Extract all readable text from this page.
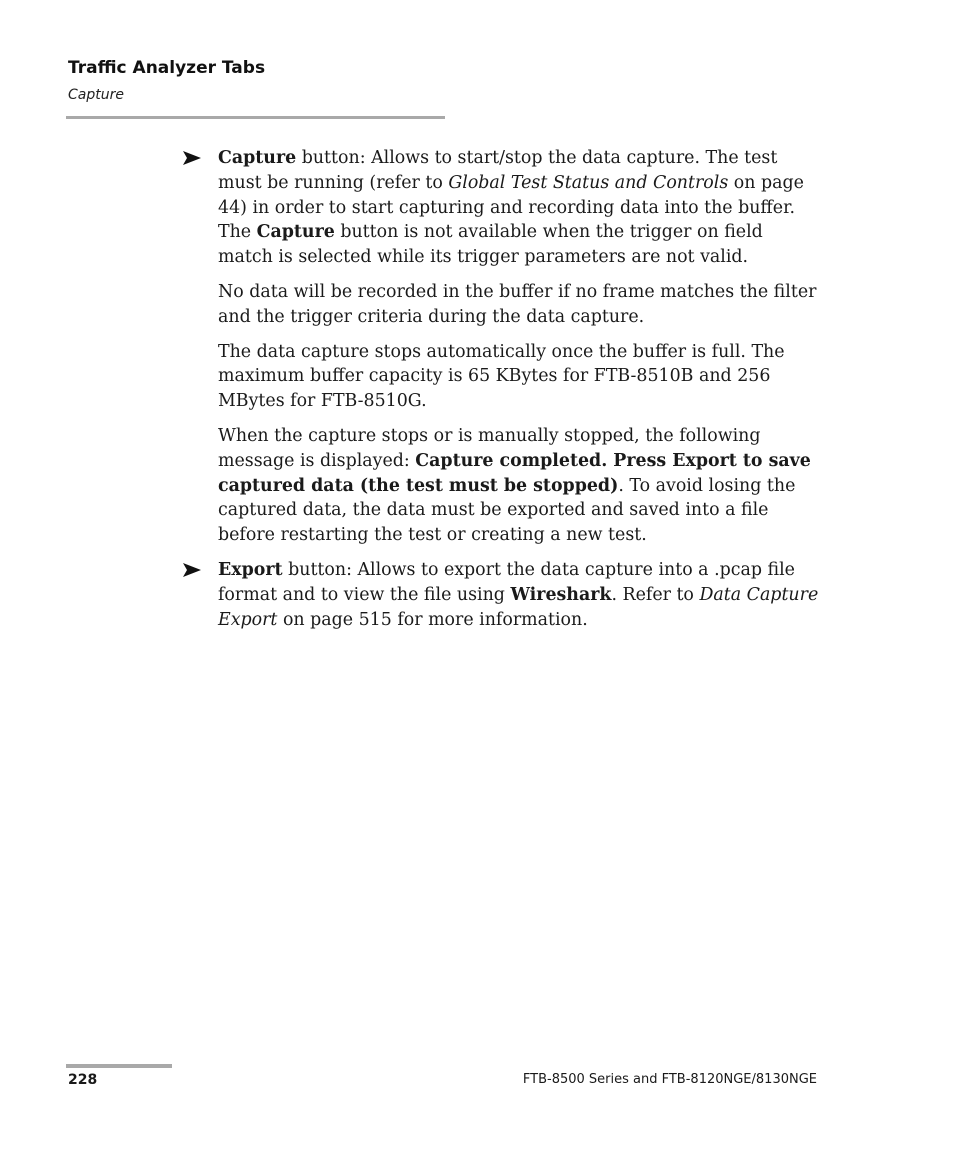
Traffic Analyzer Tabs
Capture

Capture button: Allows to start/stop the data capture. The test must be running (refer to Global Test Status and Controls on page 44) in order to start capturing and recording data into the buffer. The Capture button is not available when the trigger on field match is selected while its trigger parameters are not valid.

No data will be recorded in the buffer if no frame matches the filter and the trigger criteria during the data capture.

The data capture stops automatically once the buffer is full. The maximum buffer capacity is 65 KBytes for FTB-8510B and 256 MBytes for FTB-8510G.

When the capture stops or is manually stopped, the following message is displayed: Capture completed. Press Export to save captured data (the test must be stopped). To avoid losing the captured data, the data must be exported and saved into a file before restarting the test or creating a new test.

Export button: Allows to export the data capture into a .pcap file format and to view the file using Wireshark. Refer to Data Capture Export on page 515 for more information.

228	FTB-8500 Series and FTB-8120NGE/8130NGE
